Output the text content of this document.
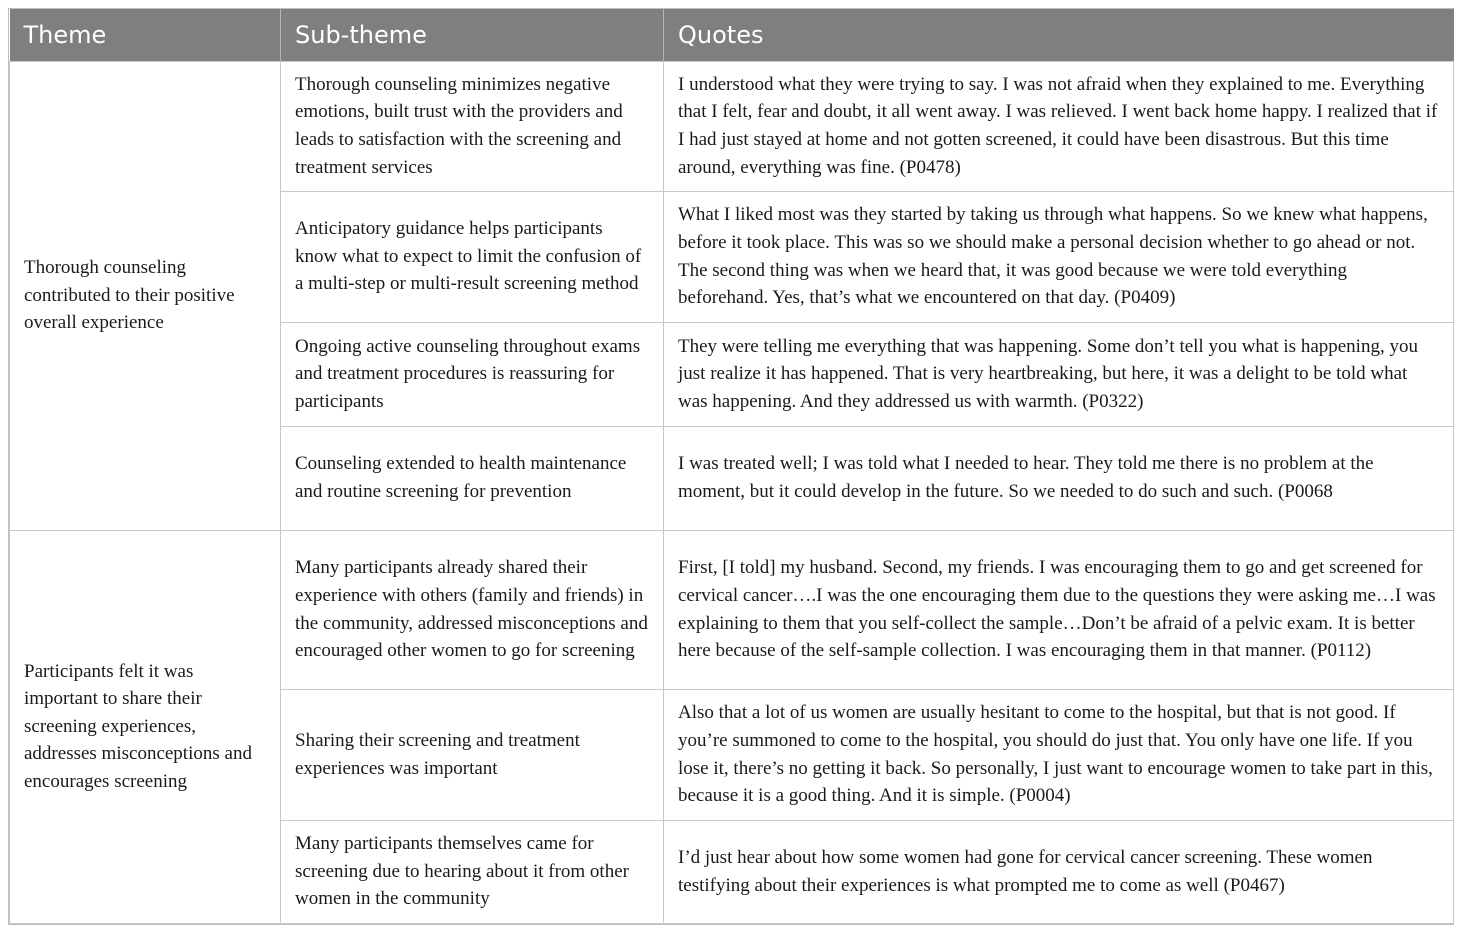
Theme	Sub-theme	Quotes
Thorough counseling contributed to their positive overall experience	Thorough counseling minimizes negative emotions, built trust with the providers and leads to satisfaction with the screening and treatment services	I understood what they were trying to say. I was not afraid when they explained to me. Everything that I felt, fear and doubt, it all went away. I was relieved. I went back home happy. I realized that if I had just stayed at home and not gotten screened, it could have been disastrous. But this time around, everything was fine. (P0478)
	Anticipatory guidance helps participants know what to expect to limit the confusion of a multi-step or multi-result screening method	What I liked most was they started by taking us through what happens. So we knew what happens, before it took place. This was so we should make a personal decision whether to go ahead or not. The second thing was when we heard that, it was good because we were told everything beforehand. Yes, that’s what we encountered on that day. (P0409)
	Ongoing active counseling throughout exams and treatment procedures is reassuring for participants	They were telling me everything that was happening. Some don’t tell you what is happening, you just realize it has happened. That is very heartbreaking, but here, it was a delight to be told what was happening. And they addressed us with warmth. (P0322)
	Counseling extended to health maintenance and routine screening for prevention	I was treated well; I was told what I needed to hear. They told me there is no problem at the moment, but it could develop in the future. So we needed to do such and such. (P0068
Participants felt it was important to share their screening experiences, addresses misconceptions and encourages screening	Many participants already shared their experience with others (family and friends) in the community, addressed misconceptions and encouraged other women to go for screening	First, [I told] my husband. Second, my friends. I was encouraging them to go and get screened for cervical cancer….I was the one encouraging them due to the questions they were asking me…I was explaining to them that you self-collect the sample…Don’t be afraid of a pelvic exam. It is better here because of the self-sample collection. I was encouraging them in that manner. (P0112)
	Sharing their screening and treatment experiences was important	Also that a lot of us women are usually hesitant to come to the hospital, but that is not good. If you’re summoned to come to the hospital, you should do just that. You only have one life. If you lose it, there’s no getting it back. So personally, I just want to encourage women to take part in this, because it is a good thing. And it is simple. (P0004)
	Many participants themselves came for screening due to hearing about it from other women in the community	I’d just hear about how some women had gone for cervical cancer screening. These women testifying about their experiences is what prompted me to come as well (P0467)
